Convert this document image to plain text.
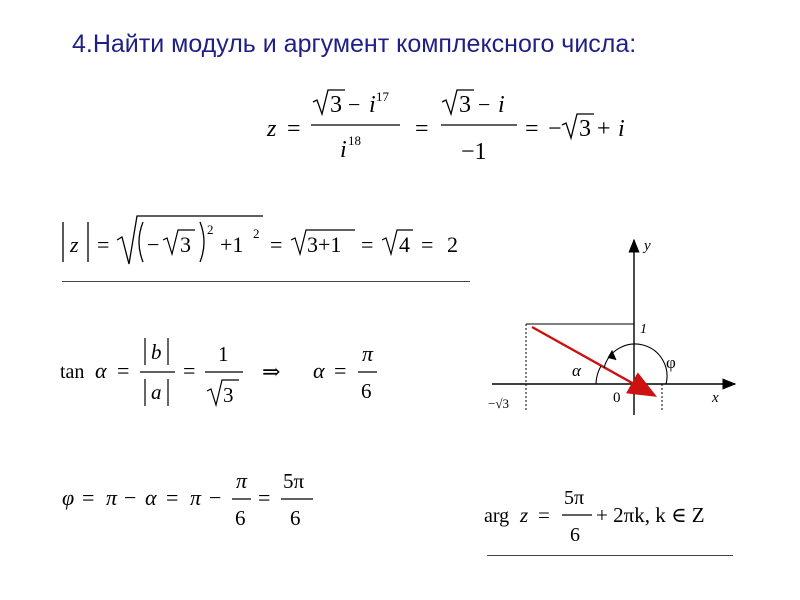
4.Найти модуль и аргумент комплексного числа:
z =
3 − i 17
i 18 =
3 − i
−1
= − 3 + i
z = − 3
2
+1 2 = 3+1 = 4 = 2
tan α =
b
a
=
1
3
⇒ α =
π
6
φ = π − α = π −
π
6
=
5π
6	arg z =
5π
6
+ 2πk, k ∈ Z
y
x
0
1
−√3
α	φ
